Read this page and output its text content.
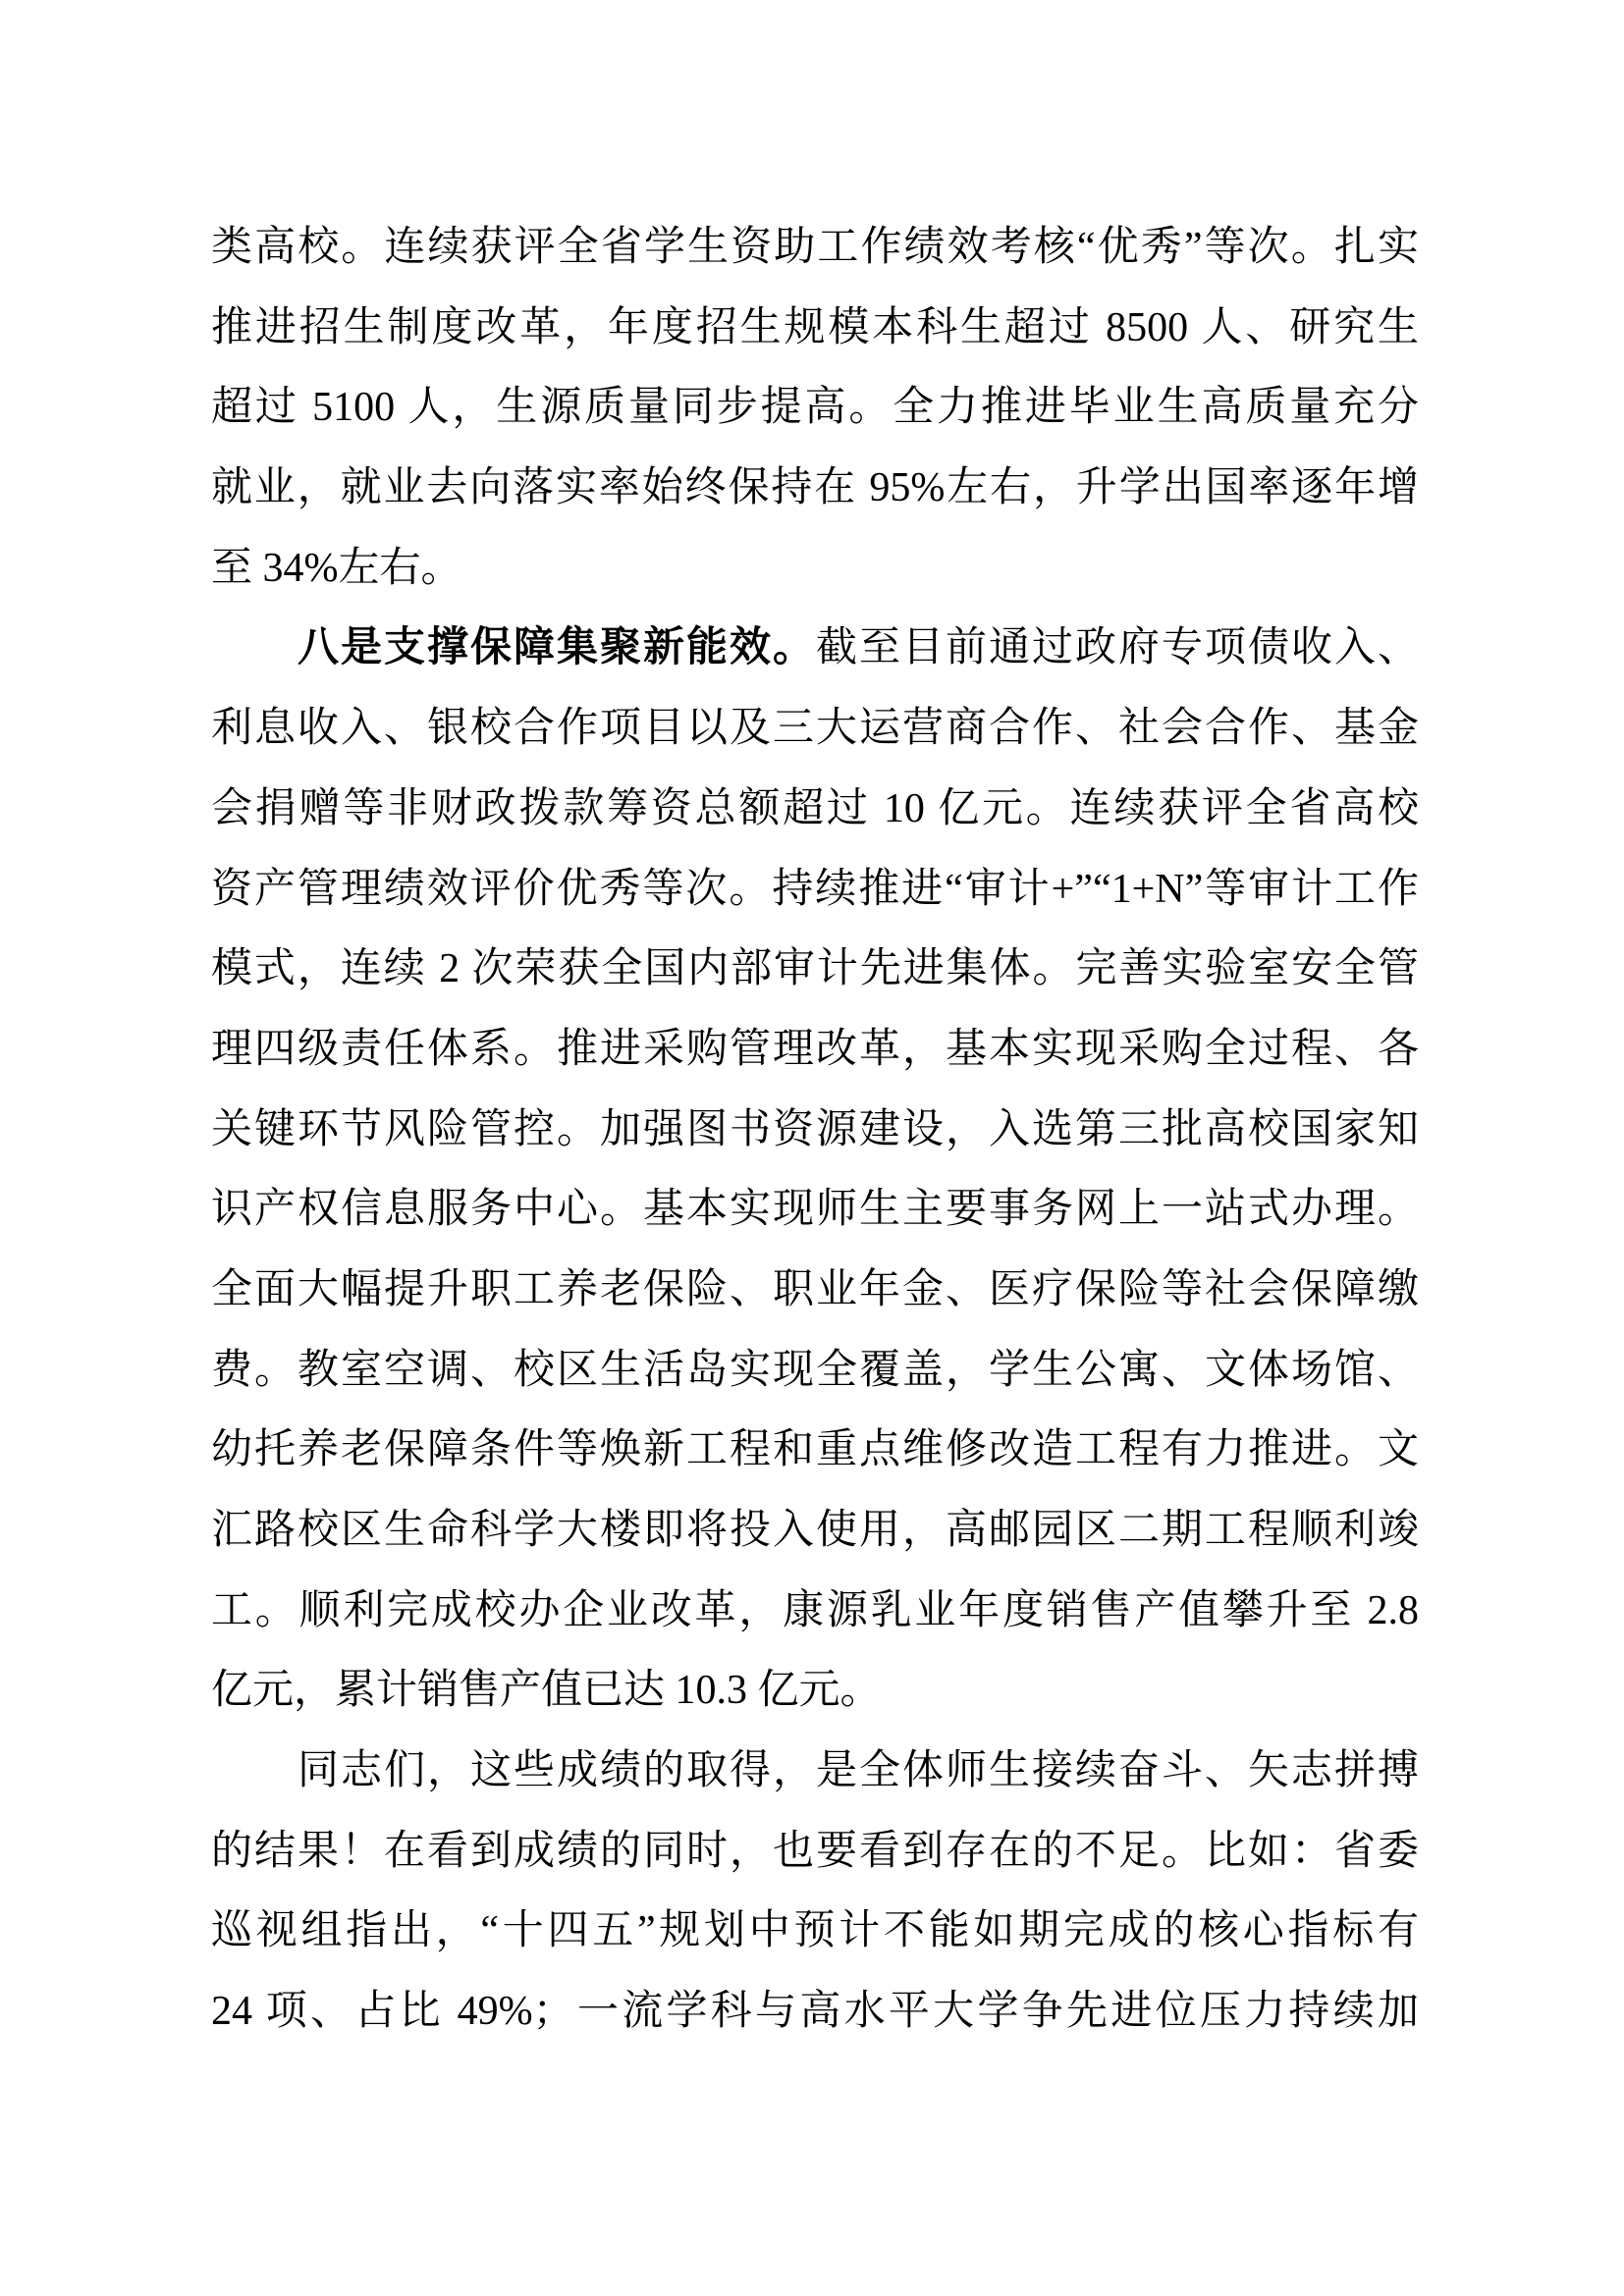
类高校。连续获评全省学生资助工作绩效考核“优秀”等次。扎实
推进招生制度改革，年度招生规模本科生超过 8500 人、研究生
超过 5100 人，生源质量同步提高。全力推进毕业生高质量充分
就业，就业去向落实率始终保持在 95%左右，升学出国率逐年增
至 34%左右。
八是支撑保障集聚新能效。截至目前通过政府专项债收入、
利息收入、银校合作项目以及三大运营商合作、社会合作、基金
会捐赠等非财政拨款筹资总额超过 10 亿元。连续获评全省高校
资产管理绩效评价优秀等次。持续推进“审计+”“1+N”等审计工作
模式，连续 2 次荣获全国内部审计先进集体。完善实验室安全管
理四级责任体系。推进采购管理改革，基本实现采购全过程、各
关键环节风险管控。加强图书资源建设，入选第三批高校国家知
识产权信息服务中心。基本实现师生主要事务网上一站式办理。
全面大幅提升职工养老保险、职业年金、医疗保险等社会保障缴
费。教室空调、校区生活岛实现全覆盖，学生公寓、文体场馆、
幼托养老保障条件等焕新工程和重点维修改造工程有力推进。文
汇路校区生命科学大楼即将投入使用，高邮园区二期工程顺利竣
工。顺利完成校办企业改革，康源乳业年度销售产值攀升至 2.8
亿元，累计销售产值已达 10.3 亿元。
同志们，这些成绩的取得，是全体师生接续奋斗、矢志拼搏
的结果！在看到成绩的同时，也要看到存在的不足。比如：省委
巡视组指出，“十四五”规划中预计不能如期完成的核心指标有
24 项、占比 49%；一流学科与高水平大学争先进位压力持续加
